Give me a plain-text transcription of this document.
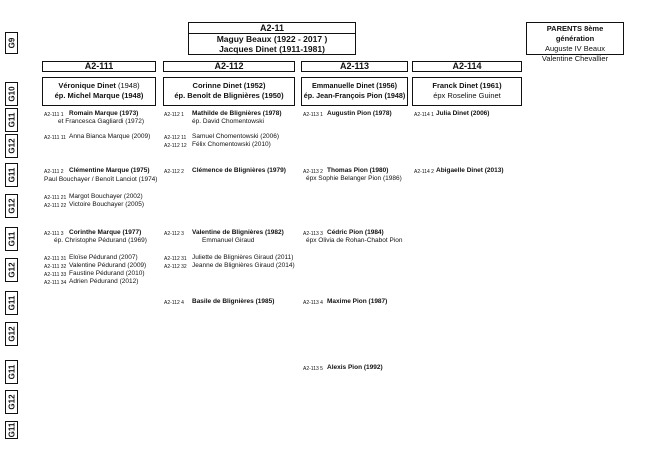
A2-11
Maguy Beaux (1922 - 2017 )
Jacques Dinet (1911-1981)
PARENTS 8ème génération
Auguste IV Beaux
Valentine Chevallier
G9
G10
G11
G12
G11
G12
G11
G12
G11
G12
G11
G12
G11
A2-111	A2-112	A2-113	A2-114
Véronique Dinet (1948)
ép. Michel Marque (1948)
Corinne Dinet (1952)
ép. Benoît de Blignières (1950)
Emmanuelle Dinet (1956)
ép. Jean-François Pion (1948)
Franck Dinet (1961)
épx Roseline Guinet
A2-111 1 Romain Marque (1973)
et Francesca Gagliardi (1972)
A2-111 11 Anna Bianca Marque (2009)
A2-111 2 Clémentine Marque (1975)
Paul Bouchayer / Benoît Lanciot (1974)
A2-111 21 Margot Bouchayer (2002)
A2-111 22 Victoire Bouchayer (2005)
A2-111 3 Corinthe Marque (1977)
ép. Christophe Pédurand (1969)
A2-111 31 Eloïse Pédurand (2007)
A2-111 32 Valentine Pédurand (2009)
A2-111 33 Faustine Pédurand (2010)
A2-111 34 Adrien Pédurand (2012)
A2-112 1 Mathilde de Blignières (1978)
ép. David Chomentowski
A2-112 11 Samuel Chomentowski (2006)
A2-112 12 Félix Chomentowski (2010)
A2-112 2 Clémence de Blignières (1979)
A2-112 3 Valentine de Blignières (1982)
Emmanuel Giraud
A2-112 31 Juliette de Blignières Giraud (2011)
A2-112 32 Jeanne de Blignières Giraud (2014)
A2-112 4 Basile de Blignières (1985)
A2-113 1 Augustin Pion (1978)
A2-113 2 Thomas Pion (1980)
épx Sophie Belanger Pion (1986)
A2-113 3 Cédric Pion (1984)
épx Olivia de Rohan-Chabot Pion
A2-113 4 Maxime Pion (1987)
A2-113 5 Alexis Pion (1992)
A2-114 1 Julia Dinet (2006)
A2-114 2 Abigaelle Dinet (2013)
